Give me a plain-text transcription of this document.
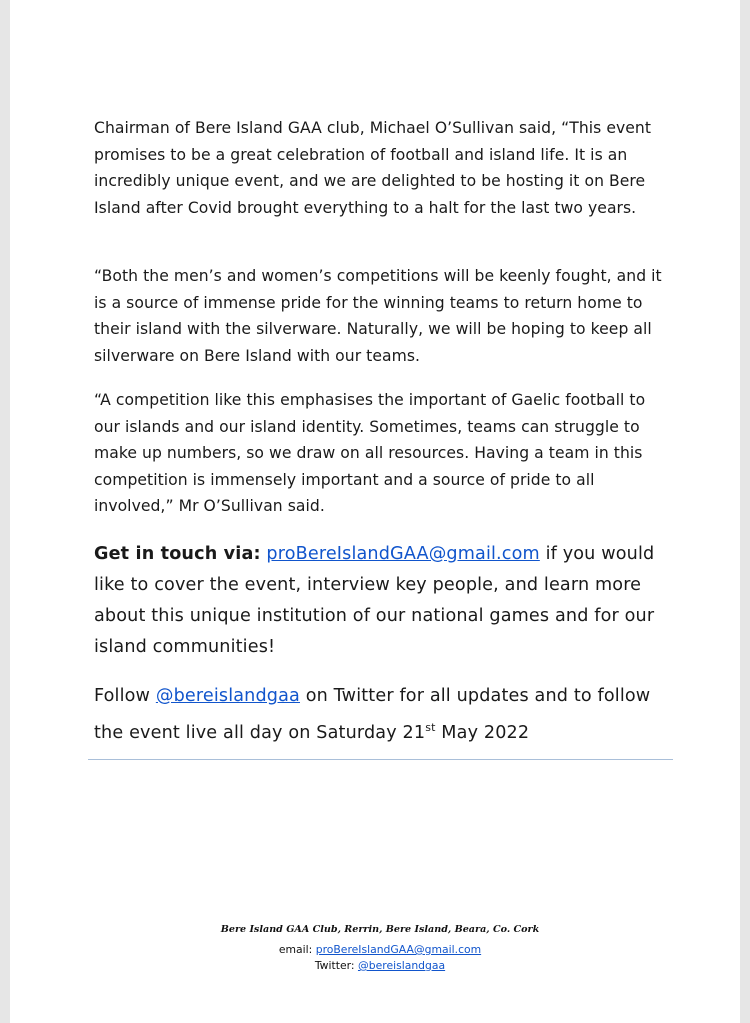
Chairman of Bere Island GAA club, Michael O’Sullivan said, “This event promises to be a great celebration of football and island life. It is an incredibly unique event, and we are delighted to be hosting it on Bere Island after Covid brought everything to a halt for the last two years.

“Both the men’s and women’s competitions will be keenly fought, and it is a source of immense pride for the winning teams to return home to their island with the silverware. Naturally, we will be hoping to keep all silverware on Bere Island with our teams.

“A competition like this emphasises the important of Gaelic football to our islands and our island identity. Sometimes, teams can struggle to make up numbers, so we draw on all resources. Having a team in this competition is immensely important and a source of pride to all involved,” Mr O’Sullivan said.

Get in touch via: proBereIslandGAA@gmail.com if you would like to cover the event, interview key people, and learn more about this unique institution of our national games and for our island communities!

Follow @bereislandgaa on Twitter for all updates and to follow the event live all day on Saturday 21st May 2022

Bere Island GAA Club, Rerrin, Bere Island, Beara, Co. Cork
email: proBereIslandGAA@gmail.com
Twitter: @bereislandgaa
